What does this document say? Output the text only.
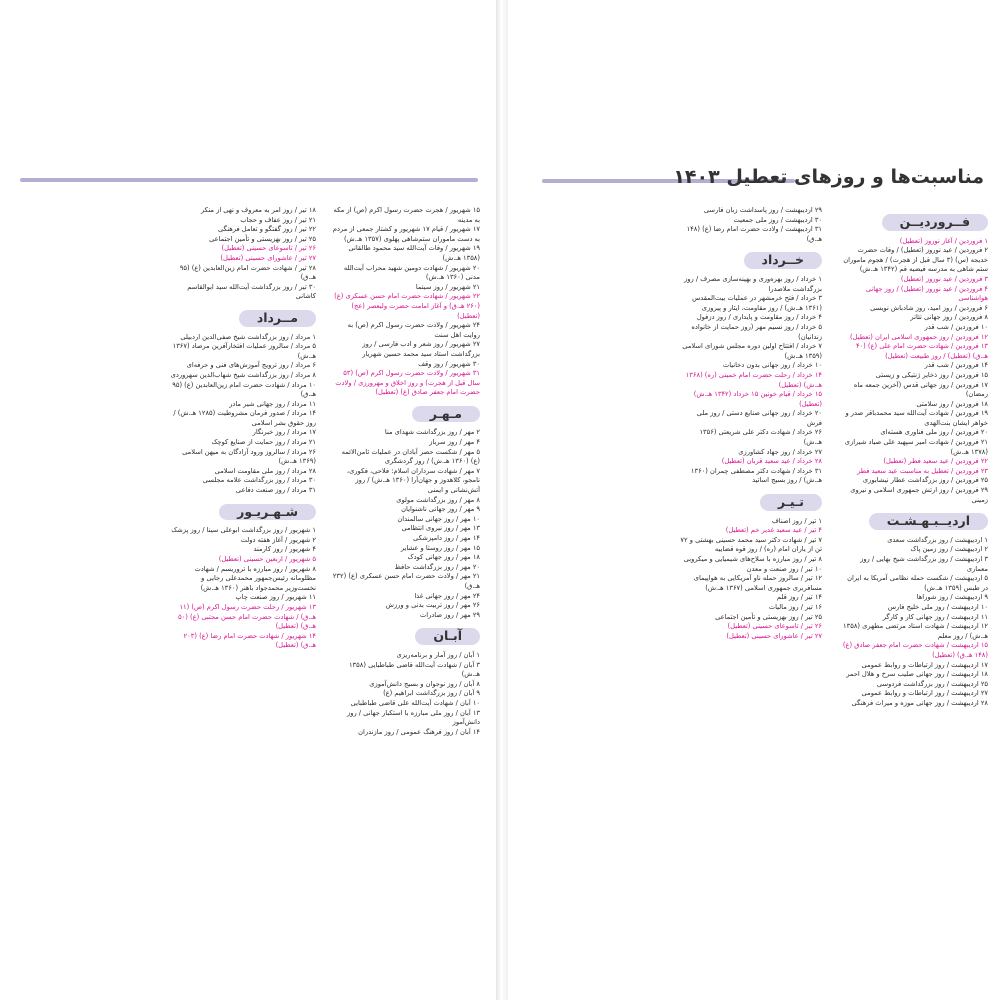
مناسبت‌ها و روزهای تعطیل ۱۴۰۳
فــروردیــن
۱ فروردین / آغاز نوروز (تعطیل)
۲ فروردین / عید نوروز (تعطیل) / وفات حضرت خدیجه (س) (۳ سال قبل از هجرت) / هجوم ماموران ستم شاهی به مدرسه فیضیه قم (۱۳۴۲ هـ.ش)
۳ فروردین / عید نوروز (تعطیل)
۴ فروردین / عید نوروز (تعطیل) / روز جهانی هواشناسی
۶ فروردین / روز امید، روز شادباش نویسی
۸ فروردین / روز جهانی تئاتر
۱۰ فروردین / شب قدر
۱۲ فروردین / روز جمهوری اسلامی ایران (تعطیل)
۱۳ فروردین / شهادت حضرت امام علی (ع) (۴۰ هـ.ق) (تعطیل) / روز طبیعت (تعطیل)
۱۴ فروردین / شب قدر
۱۵ فروردین / روز ذخایر ژنتیکی و زیستی
۱۷ فروردین / روز جهانی قدس (آخرین جمعه ماه رمضان)
۱۸ فروردین / روز سلامتی
۱۹ فروردین / شهادت آیت‌الله سید محمدباقر صدر و خواهر ایشان بنت‌الهدی
۲۰ فروردین / روز ملی فناوری هسته‌ای
۲۱ فروردین / شهادت امیر سپهبد علی صیاد شیرازی (۱۳۷۸ هـ.ش)
۲۲ فروردین / عید سعید فطر (تعطیل)
۲۳ فروردین / تعطیل به مناسبت عید سعید فطر
۲۵ فروردین / روز بزرگداشت عطار نیشابوری
۲۹ فروردین / روز ارتش جمهوری اسلامی و نیروی زمینی
اردیــبـهـشـت
۱ اردیبهشت / روز بزرگداشت سعدی
۲ اردیبهشت / روز زمین پاک
۳ اردیبهشت / روز بزرگداشت شیخ بهایی / روز معماری
۵ اردیبهشت / شکست حمله نظامی آمریکا به ایران در طبس (۱۳۵۹ هـ.ش)
۹ اردیبهشت / روز شوراها
۱۰ اردیبهشت / روز ملی خلیج فارس
۱۱ اردیبهشت / روز جهانی کار و کارگر
۱۲ اردیبهشت / شهادت استاد مرتضی مطهری (۱۳۵۸ هـ.ش) / روز معلم
۱۵ اردیبهشت / شهادت حضرت امام جعفر صادق (ع) (۱۴۸ هـ.ق) (تعطیل)
۱۷ اردیبهشت / روز ارتباطات و روابط عمومی
۱۸ اردیبهشت / روز جهانی صلیب سرخ و هلال احمر
۲۵ اردیبهشت / روز بزرگداشت فردوسی
۲۷ اردیبهشت / روز ارتباطات و روابط عمومی
۲۸ اردیبهشت / روز جهانی موزه و میراث فرهنگی
۲۹ اردیبهشت / روز پاسداشت زبان فارسی
۳۰ اردیبهشت / روز ملی جمعیت
۳۱ اردیبهشت / ولادت حضرت امام رضا (ع) (۱۴۸ هـ.ق)
خــرداد
۱ خرداد / روز بهره‌وری و بهینه‌سازی مصرف / روز بزرگداشت ملاصدرا
۳ خرداد / فتح خرمشهر در عملیات بیت‌المقدس (۱۳۶۱ هـ.ش) / روز مقاومت، ایثار و پیروزی
۴ خرداد / روز مقاومت و پایداری / روز دزفول
۵ خرداد / روز نسیم مهر (روز حمایت از خانواده زندانیان)
۷ خرداد / افتتاح اولین دوره مجلس شورای اسلامی (۱۳۵۹ هـ.ش)
۱۰ خرداد / روز جهانی بدون دخانیات
۱۴ خرداد / رحلت حضرت امام خمینی (ره) (۱۳۶۸ هـ.ش) (تعطیل)
۱۵ خرداد / قیام خونین ۱۵ خرداد (۱۳۴۲ هـ.ش) (تعطیل)
۲۰ خرداد / روز جهانی صنایع دستی / روز ملی فرش
۲۶ خرداد / شهادت دکتر علی شریعتی (۱۳۵۶ هـ.ش)
۲۷ خرداد / روز جهاد کشاورزی
۲۸ خرداد / عید سعید قربان (تعطیل)
۳۱ خرداد / شهادت دکتر مصطفی چمران (۱۳۶۰ هـ.ش) / روز بسیج اساتید
تـیـر
۱ تیر / روز اصناف
۴ تیر / عید سعید غدیر خم (تعطیل)
۷ تیر / شهادت دکتر سید محمد حسینی بهشتی و ۷۲ تن از یاران امام (ره) / روز قوه قضاییه
۸ تیر / روز مبارزه با سلاح‌های شیمیایی و میکروبی
۱۰ تیر / روز صنعت و معدن
۱۲ تیر / سالروز حمله ناو آمریکایی به هواپیمای مسافربری جمهوری اسلامی (۱۳۶۷ هـ.ش)
۱۴ تیر / روز قلم
۱۶ تیر / روز مالیات
۲۵ تیر / روز بهزیستی و تأمین اجتماعی
۲۶ تیر / تاسوعای حسینی (تعطیل)
۲۷ تیر / عاشورای حسینی (تعطیل)
۱۵ شهریور / هجرت حضرت رسول اکرم (ص) از مکه به مدینه
۱۷ شهریور / قیام ۱۷ شهریور و کشتار جمعی از مردم به دست ماموران ستم‌شاهی پهلوی (۱۳۵۷ هـ.ش)
۱۹ شهریور / وفات آیت‌الله سید محمود طالقانی (۱۳۵۸ هـ.ش)
۲۰ شهریور / شهادت دومین شهید محراب آیت‌الله مدنی (۱۳۶۰ هـ.ش)
۲۱ شهریور / روز سینما
۲۲ شهریور / شهادت حضرت امام حسن عسکری (ع) (۲۶۰ هـ.ق) و آغاز امامت حضرت ولیعصر (عج) (تعطیل)
۲۴ شهریور / ولادت حضرت رسول اکرم (ص) به روایت اهل سنت
۲۷ شهریور / روز شعر و ادب فارسی / روز بزرگداشت استاد سید محمد حسین شهریار
۳۰ شهریور / روز وقف
۳۱ شهریور / ولادت حضرت رسول اکرم (ص) (۵۳ سال قبل از هجرت) و روز اخلاق و مهرورزی / ولادت حضرت امام جعفر صادق (ع) (تعطیل)
مـهـر
۲ مهر / روز بزرگداشت شهدای منا
۴ مهر / روز سرباز
۵ مهر / شکست حصر آبادان در عملیات ثامن‌الائمه (ع) (۱۳۶۰ هـ.ش) / روز گردشگری
۷ مهر / شهادت سرداران اسلام: فلاحی، فکوری، نامجو، کلاهدوز و جهان‌آرا (۱۳۶۰ هـ.ش) / روز آتش‌نشانی و ایمنی
۸ مهر / روز بزرگداشت مولوی
۹ مهر / روز جهانی ناشنوایان
۱۰ مهر / روز جهانی سالمندان
۱۳ مهر / روز نیروی انتظامی
۱۴ مهر / روز دامپزشکی
۱۵ مهر / روز روستا و عشایر
۱۸ مهر / روز جهانی کودک
۲۰ مهر / روز بزرگداشت حافظ
۲۱ مهر / ولادت حضرت امام حسن عسکری (ع) (۲۳۲ هـ.ق)
۲۴ مهر / روز جهانی غذا
۲۶ مهر / روز تربیت بدنی و ورزش
۲۹ مهر / روز صادرات
آبـان
۱ آبان / روز آمار و برنامه‌ریزی
۳ آبان / شهادت آیت‌الله قاضی طباطبایی (۱۳۵۸ هـ.ش)
۸ آبان / روز نوجوان و بسیج دانش‌آموزی
۹ آبان / روز بزرگداشت ابراهیم (ع)
۱۰ آبان / شهادت آیت‌الله علی قاضی طباطبایی
۱۳ آبان / روز ملی مبارزه با استکبار جهانی / روز دانش‌آموز
۱۴ آبان / روز فرهنگ عمومی / روز مازندران
۱۸ تیر / روز امر به معروف و نهی از منکر
۲۱ تیر / روز عفاف و حجاب
۲۲ تیر / روز گفتگو و تعامل فرهنگی
۲۵ تیر / روز بهزیستی و تأمین اجتماعی
۲۶ تیر / تاسوعای حسینی (تعطیل)
۲۷ تیر / عاشورای حسینی (تعطیل)
۲۸ تیر / شهادت حضرت امام زین‌العابدین (ع) (۹۵ هـ.ق)
۳۰ تیر / روز بزرگداشت آیت‌الله سید ابوالقاسم کاشانی
مــرداد
۱ مرداد / روز بزرگداشت شیخ صفی‌الدین اردبیلی
۵ مرداد / سالروز عملیات افتخارآفرین مرصاد (۱۳۶۷ هـ.ش)
۶ مرداد / روز ترویج آموزش‌های فنی و حرفه‌ای
۸ مرداد / روز بزرگداشت شیخ شهاب‌الدین سهروردی
۱۰ مرداد / شهادت حضرت امام زین‌العابدین (ع) (۹۵ هـ.ق)
۱۱ مرداد / روز جهانی شیر مادر
۱۴ مرداد / صدور فرمان مشروطیت (۱۲۸۵ هـ.ش) / روز حقوق بشر اسلامی
۱۷ مرداد / روز خبرنگار
۲۱ مرداد / روز حمایت از صنایع کوچک
۲۶ مرداد / سالروز ورود آزادگان به میهن اسلامی (۱۳۶۹ هـ.ش)
۲۸ مرداد / روز ملی مقاومت اسلامی
۳۰ مرداد / روز بزرگداشت علامه مجلسی
۳۱ مرداد / روز صنعت دفاعی
شـهـریـور
۱ شهریور / روز بزرگداشت ابوعلی سینا / روز پزشک
۲ شهریور / آغاز هفته دولت
۴ شهریور / روز کارمند
۵ شهریور / اربعین حسینی (تعطیل)
۸ شهریور / روز مبارزه با تروریسم / شهادت مظلومانه رئیس‌جمهور محمدعلی رجایی و نخست‌وزیر محمدجواد باهنر (۱۳۶۰ هـ.ش)
۱۱ شهریور / روز صنعت چاپ
۱۳ شهریور / رحلت حضرت رسول اکرم (ص) (۱۱ هـ.ق) / شهادت حضرت امام حسن مجتبی (ع) (۵۰ هـ.ق) (تعطیل)
۱۴ شهریور / شهادت حضرت امام رضا (ع) (۲۰۳ هـ.ق) (تعطیل)
